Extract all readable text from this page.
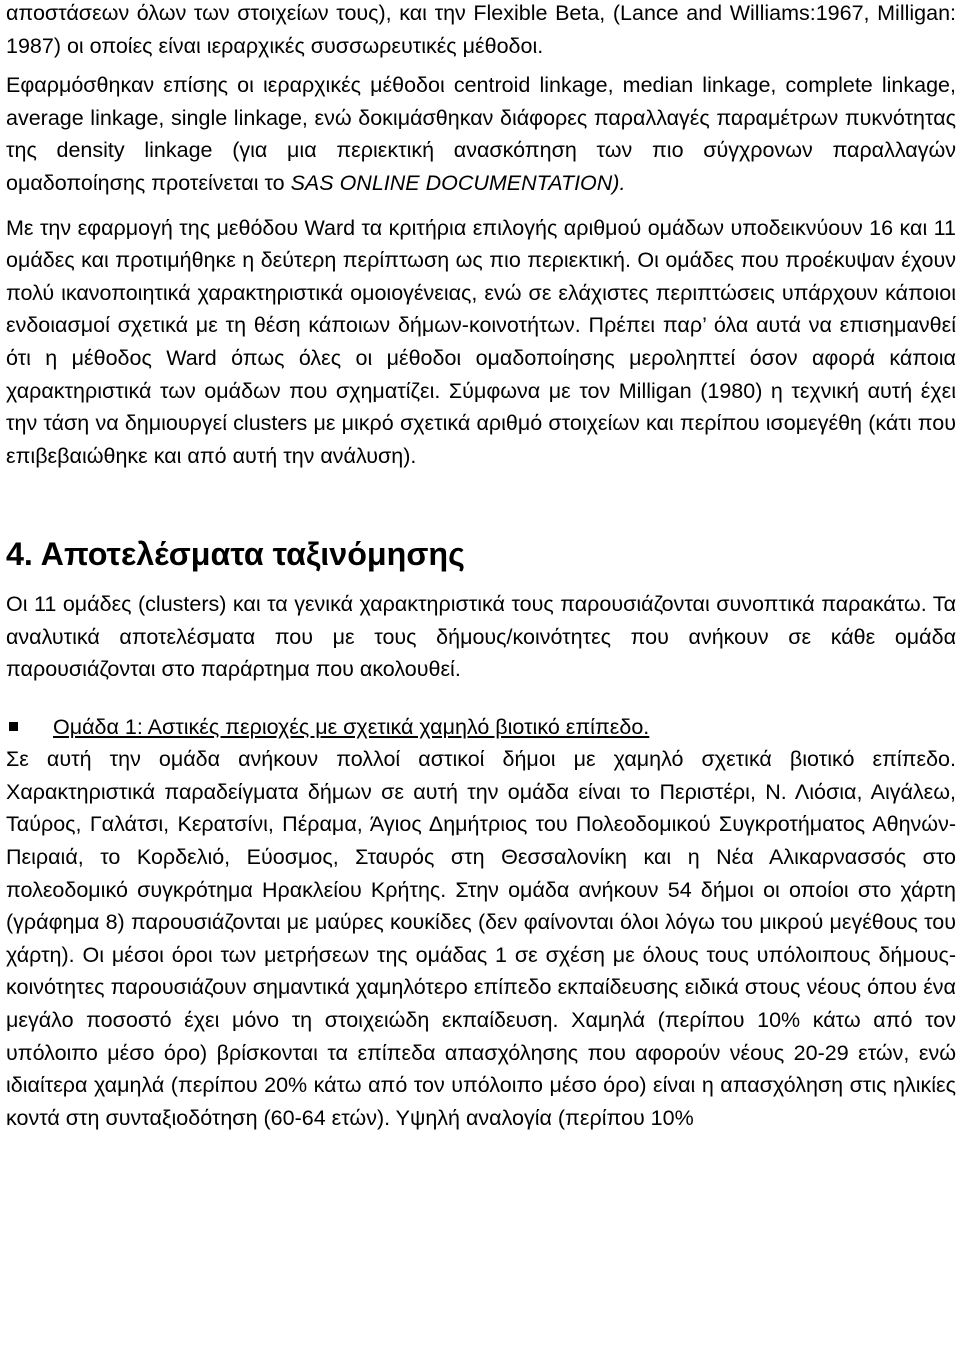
αποστάσεων όλων των στοιχείων τους), και την Flexible Beta, (Lance and Williams:1967, Milligan: 1987) οι οποίες είναι ιεραρχικές συσσωρευτικές μέθοδοι.

Εφαρμόσθηκαν επίσης οι ιεραρχικές μέθοδοι centroid linkage, median linkage, complete linkage, average linkage, single linkage, ενώ δοκιμάσθηκαν διάφορες παραλλαγές παραμέτρων πυκνότητας της density linkage (για μια περιεκτική ανασκόπηση των πιο σύγχρονων παραλλαγών ομαδοποίησης προτείνεται το SAS ONLINE DOCUMENTATION).

Με την εφαρμογή της μεθόδου Ward τα κριτήρια επιλογής αριθμού ομάδων υποδεικνύουν 16 και 11 ομάδες και προτιμήθηκε η δεύτερη περίπτωση ως πιο περιεκτική. Οι ομάδες που προέκυψαν έχουν πολύ ικανοποιητικά χαρακτηριστικά ομοιογένειας, ενώ σε ελάχιστες περιπτώσεις υπάρχουν κάποιοι ενδοιασμοί σχετικά με τη θέση κάποιων δήμων-κοινοτήτων. Πρέπει παρ’ όλα αυτά να επισημανθεί ότι η μέθοδος Ward όπως όλες οι μέθοδοι ομαδοποίησης μεροληπτεί όσον αφορά κάποια χαρακτηριστικά των ομάδων που σχηματίζει. Σύμφωνα με τον Milligan (1980) η τεχνική αυτή έχει την τάση να δημιουργεί clusters με μικρό σχετικά αριθμό στοιχείων και περίπου ισομεγέθη (κάτι που επιβεβαιώθηκε και από αυτή την ανάλυση).

4. Αποτελέσματα ταξινόμησης

Οι 11 ομάδες (clusters) και τα γενικά χαρακτηριστικά τους παρουσιάζονται συνοπτικά παρακάτω. Τα αναλυτικά αποτελέσματα που με τους δήμους/κοινότητες που ανήκουν σε κάθε ομάδα παρουσιάζονται στο παράρτημα που ακολουθεί.

Ομάδα 1: Αστικές περιοχές με σχετικά χαμηλό βιοτικό επίπεδο.

Σε αυτή την ομάδα ανήκουν πολλοί αστικοί δήμοι με χαμηλό σχετικά βιοτικό επίπεδο. Χαρακτηριστικά παραδείγματα δήμων σε αυτή την ομάδα είναι το Περιστέρι, Ν. Λιόσια, Αιγάλεω, Ταύρος, Γαλάτσι, Κερατσίνι, Πέραμα, Άγιος Δημήτριος του Πολεοδομικού Συγκροτήματος Αθηνών-Πειραιά, το Κορδελιό, Εύοσμος, Σταυρός στη Θεσσαλονίκη και η Νέα Αλικαρνασσός στο πολεοδομικό συγκρότημα Ηρακλείου Κρήτης. Στην ομάδα ανήκουν 54 δήμοι οι οποίοι στο χάρτη (γράφημα 8) παρουσιάζονται με μαύρες κουκίδες (δεν φαίνονται όλοι λόγω του μικρού μεγέθους του χάρτη). Οι μέσοι όροι των μετρήσεων της ομάδας 1 σε σχέση με όλους τους υπόλοιπους δήμους-κοινότητες παρουσιάζουν σημαντικά χαμηλότερο επίπεδο εκπαίδευσης ειδικά στους νέους όπου ένα μεγάλο ποσοστό έχει μόνο τη στοιχειώδη εκπαίδευση. Χαμηλά (περίπου 10% κάτω από τον υπόλοιπο μέσο όρο) βρίσκονται τα επίπεδα απασχόλησης που αφορούν νέους 20-29 ετών, ενώ ιδιαίτερα χαμηλά (περίπου 20% κάτω από τον υπόλοιπο μέσο όρο) είναι η απασχόληση στις ηλικίες κοντά στη συνταξιοδότηση (60-64 ετών). Υψηλή αναλογία (περίπου 10%
